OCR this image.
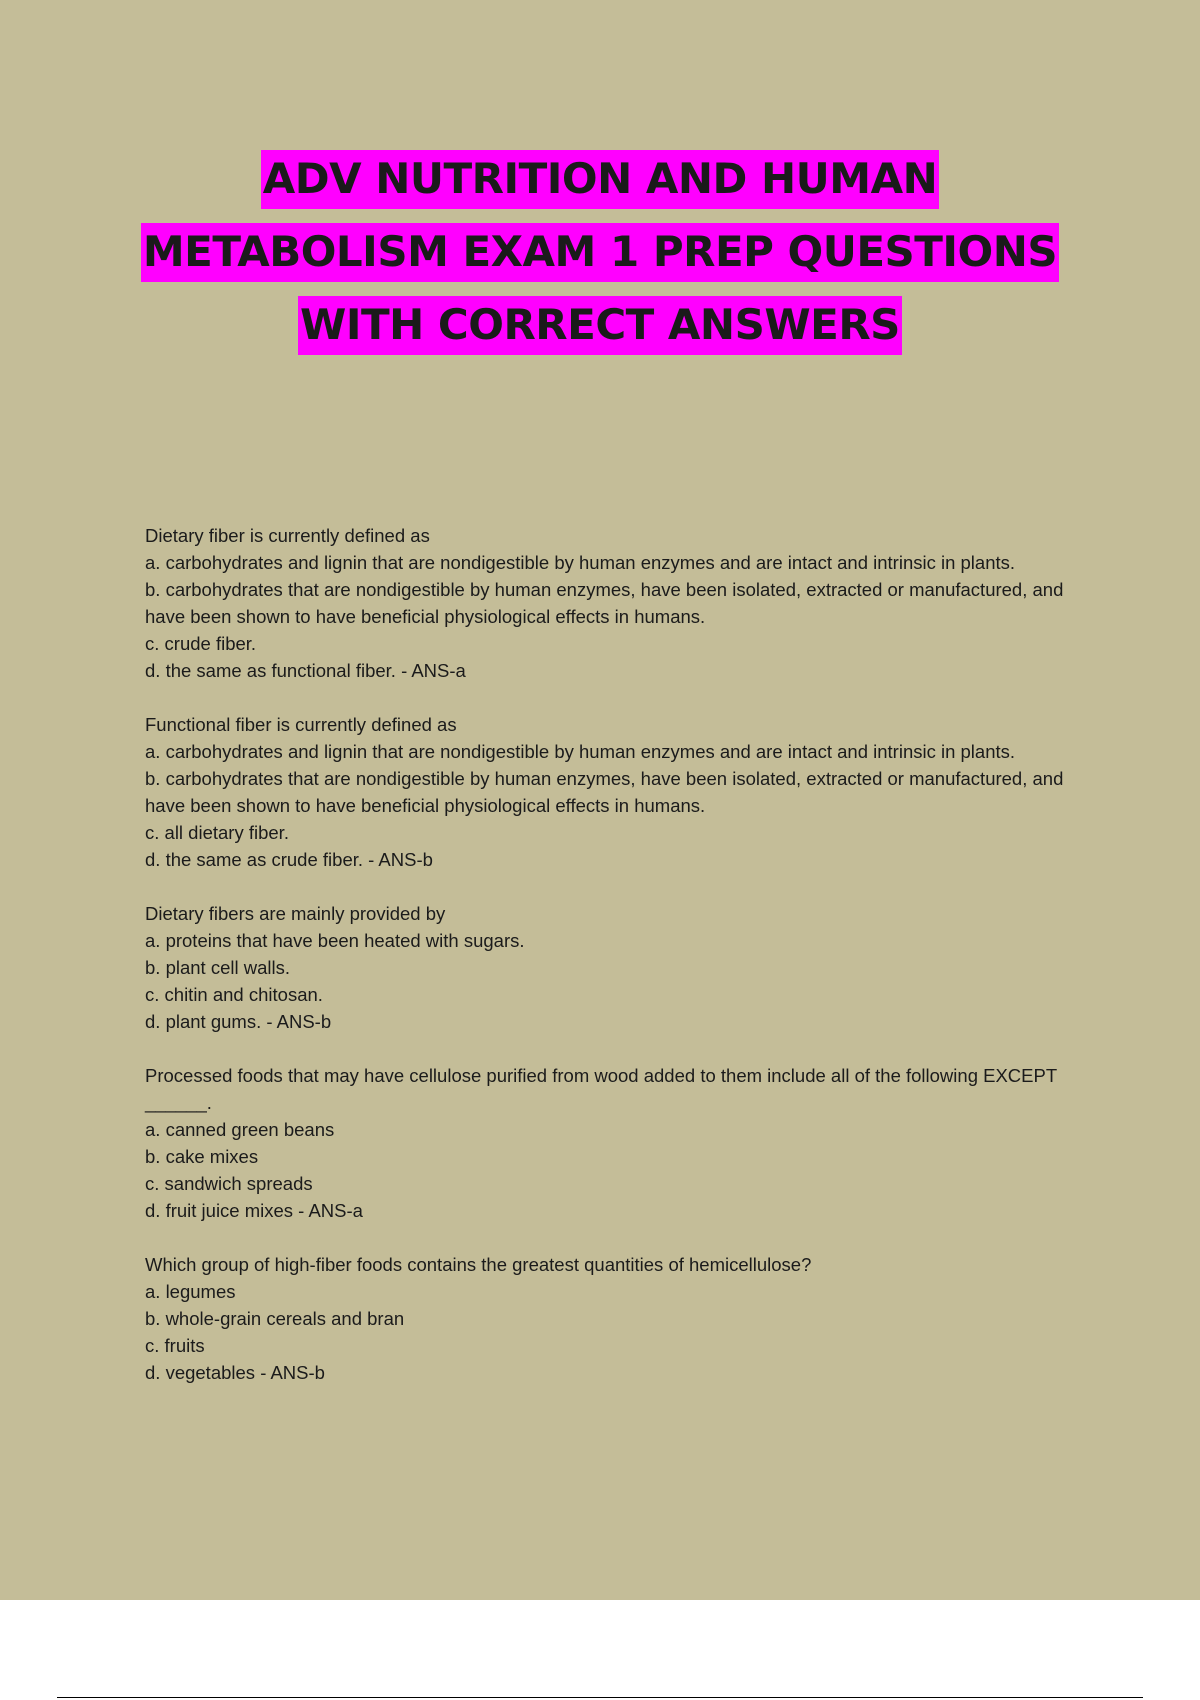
ADV NUTRITION AND HUMAN
METABOLISM EXAM 1 PREP QUESTIONS
WITH CORRECT ANSWERS
Dietary fiber is currently defined as
a. carbohydrates and lignin that are nondigestible by human enzymes and are intact and intrinsic in plants.
b. carbohydrates that are nondigestible by human enzymes, have been isolated, extracted or manufactured, and have been shown to have beneficial physiological effects in humans.
c. crude fiber.
d. the same as functional fiber. - ANS-a
Functional fiber is currently defined as
a. carbohydrates and lignin that are nondigestible by human enzymes and are intact and intrinsic in plants.
b. carbohydrates that are nondigestible by human enzymes, have been isolated, extracted or manufactured, and have been shown to have beneficial physiological effects in humans.
c. all dietary fiber.
d. the same as crude fiber. - ANS-b
Dietary fibers are mainly provided by
a. proteins that have been heated with sugars.
b. plant cell walls.
c. chitin and chitosan.
d. plant gums. - ANS-b
Processed foods that may have cellulose purified from wood added to them include all of the following EXCEPT ______.
a. canned green beans
b. cake mixes
c. sandwich spreads
d. fruit juice mixes - ANS-a
Which group of high-fiber foods contains the greatest quantities of hemicellulose?
a. legumes
b. whole-grain cereals and bran
c. fruits
d. vegetables - ANS-b
